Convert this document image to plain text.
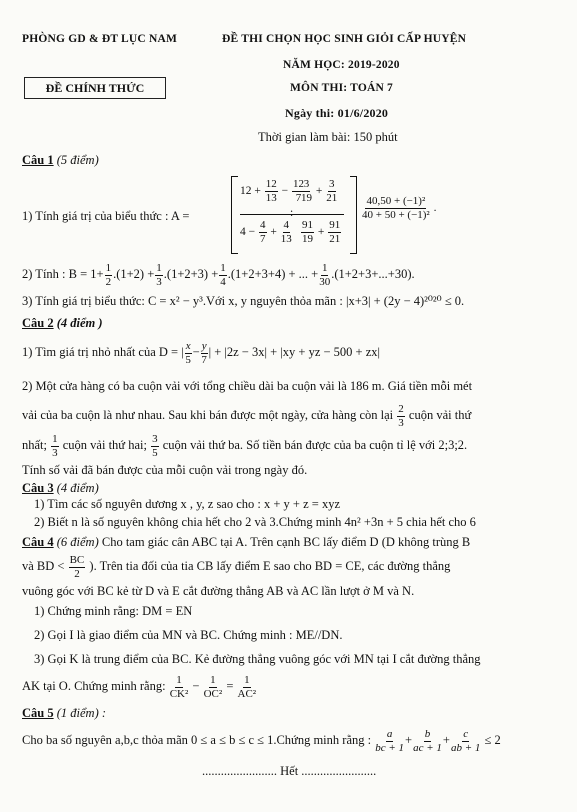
PHÒNG GD & ĐT LỤC NAM	ĐỀ THI CHỌN HỌC SINH GIỎI CẤP HUYỆN
ĐỀ CHÍNH THỨC
NĂM HỌC: 2019-2020
MÔN THI: TOÁN 7
Ngày thi: 01/6/2020
Thời gian làm bài: 150 phút
Câu 1 (5 điểm)
1) Tính giá trị của biểu thức : A =
$12 + \frac{12}{13} - \frac{12}{7}$
$4 - \frac{4}{7} + \frac{4}{13}$
:
$\frac{3}{19} + \frac{3}{21}$
$\frac{91}{19} + \frac{91}{21}$
$\frac{\text{40,50 + (−1)²}}{\text{40 + 50 + (−1)²}}$ .
2) Tính : $B = 1+ \frac{1}{2} .(1+2) + \frac{1}{3} .(1+2+3) + \frac{1}{4} .(1+2+3+4)$ + ... + $\frac{1}{30} .(1+2+3+...+30)$.
3) Tính giá trị biểu thức: C = x² − y³.Với x, y nguyên thỏa mãn : |x+3| + (2y − 4)²⁰²⁰ ≤ 0.
Câu 2 (4 điểm )
1) Tìm giá trị nhỏ nhất của D = | $\frac{x}{5} - \frac{y}{7}$ | + |2z − 3x| + |xy + yz − 500 + zx|
2) Một cửa hàng có ba cuộn vải với tổng chiều dài ba cuộn vải là 186 m. Giá tiền mỗi mét
vải của ba cuộn là như nhau. Sau khi bán được một ngày, cửa hàng còn lại $\frac{2}{3}$ cuộn vải thứ
nhất; $\frac{1}{3}$ cuộn vải thứ hai; $\frac{3}{5}$ cuộn vải thứ ba. Số tiền bán được của ba cuộn tỉ lệ với 2;3;2.
Tính số vải đã bán được của mỗi cuộn vải trong ngày đó.
Câu 3 (4 điểm)
1) Tìm các số nguyên dương x , y, z sao cho : x + y + z = xyz
2) Biết n là số nguyên không chia hết cho 2 và 3.Chứng minh 4n² +3n + 5 chia hết cho 6
Câu 4 (6 điểm) Cho tam giác cân ABC tại A. Trên cạnh BC lấy điểm D (D không trùng B
và BD < $\frac{BC}{2}$ ). Trên tia đối của tia CB lấy điểm E sao cho BD = CE, các đường thẳng
vuông góc với BC kẻ từ D và E cắt đường thẳng AB và AC lần lượt ở M và N.
1) Chứng minh rằng: DM = EN
2) Gọi I là giao điểm của MN và BC. Chứng minh : ME//DN.
3) Gọi K là trung điểm của BC. Kẻ đường thẳng vuông góc với MN tại I cắt đường thẳng
AK tại O. Chứng minh rằng: $\frac{1}{\text{CK²}} - \frac{1}{\text{OC²}} = \frac{1}{\text{AC²}}$
Câu 5 (1 điểm) :
Cho ba số nguyên a,b,c thỏa mãn 0 ≤ a ≤ b ≤ c ≤ 1.Chứng minh rằng : $\frac{a}{bc + 1} + \frac{b}{ac + 1} + \frac{c}{ab + 1} \le 2$
........................ Hết ........................
